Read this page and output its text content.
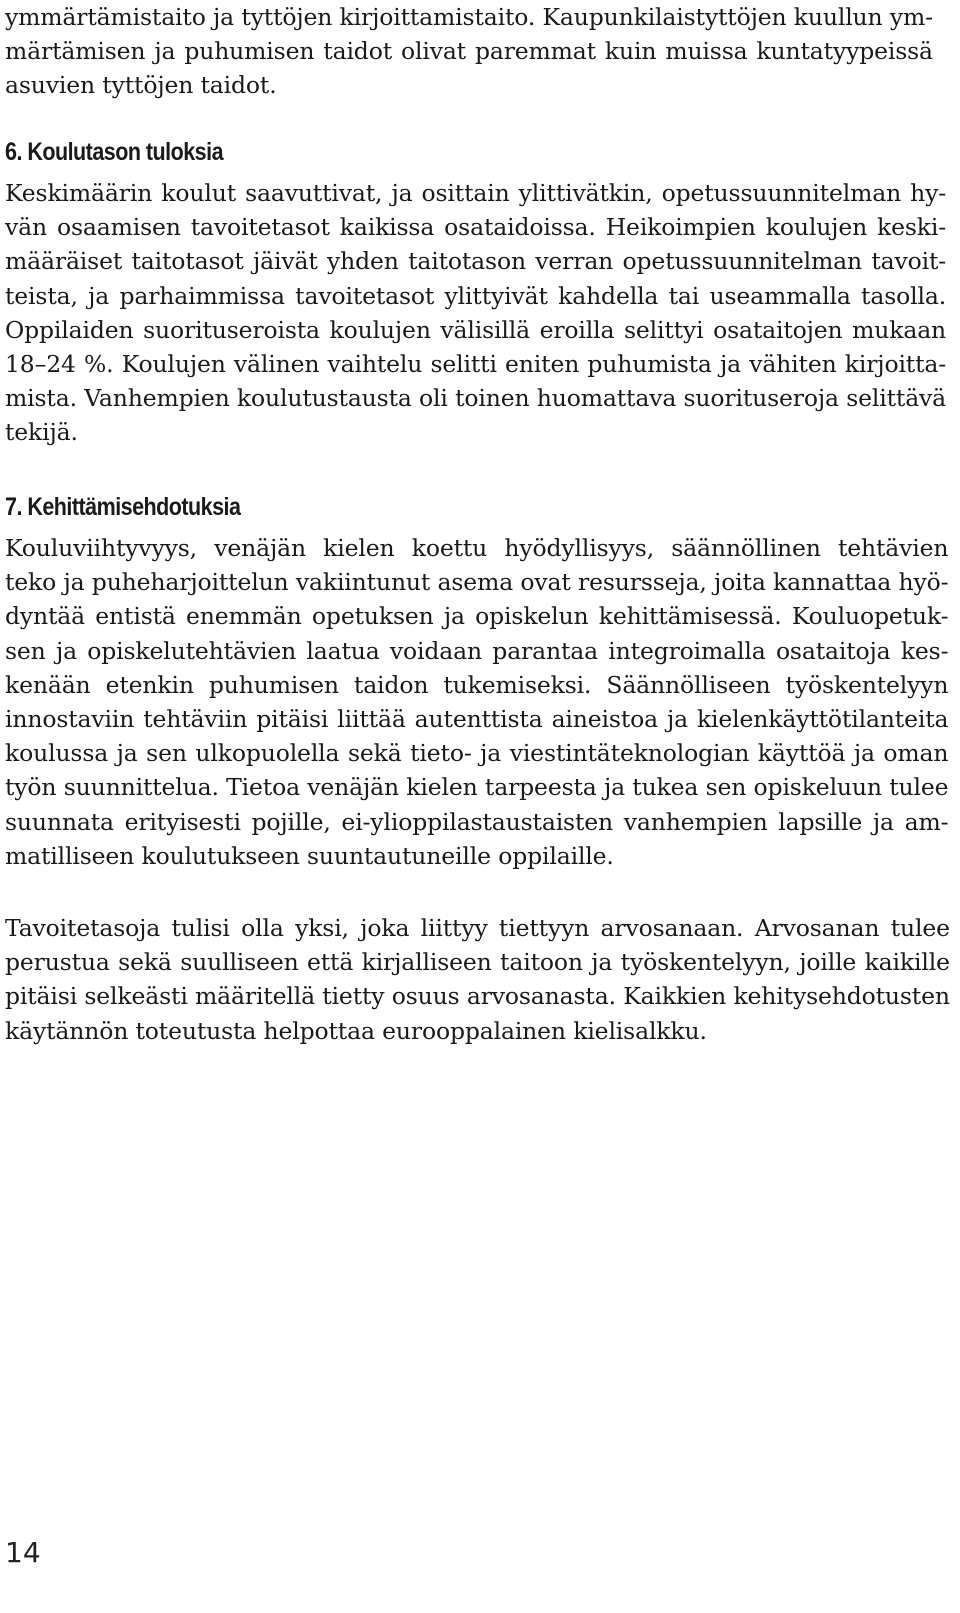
ymmärtämistaito ja tyttöjen kirjoittamistaito. Kaupunkilaistyttöjen kuullun ym-
märtämisen ja puhumisen taidot olivat paremmat kuin muissa kuntatyypeissä
asuvien tyttöjen taidot.

6. Koulutason tuloksia

Keskimäärin koulut saavuttivat, ja osittain ylittivätkin, opetussuunnitelman hy-
vän osaamisen tavoitetasot kaikissa osataidoissa. Heikoimpien koulujen keski-
määräiset taitotasot jäivät yhden taitotason verran opetussuunnitelman tavoit-
teista, ja parhaimmissa tavoitetasot ylittyivät kahdella tai useammalla tasolla.
Oppilaiden suorituseroista koulujen välisillä eroilla selittyi osataitojen mukaan
18–24 %. Koulujen välinen vaihtelu selitti eniten puhumista ja vähiten kirjoitta-
mista. Vanhempien koulutustausta oli toinen huomattava suorituseroja selittävä
tekijä.

7. Kehittämisehdotuksia

Kouluviihtyvyys, venäjän kielen koettu hyödyllisyys, säännöllinen tehtävien
teko ja puheharjoittelun vakiintunut asema ovat resursseja, joita kannattaa hyö-
dyntää entistä enemmän opetuksen ja opiskelun kehittämisessä. Kouluopetuk-
sen ja opiskelutehtävien laatua voidaan parantaa integroimalla osataitoja kes-
kenään etenkin puhumisen taidon tukemiseksi. Säännölliseen työskentelyyn
innostaviin tehtäviin pitäisi liittää autenttista aineistoa ja kielenkäyttötilanteita
koulussa ja sen ulkopuolella sekä tieto- ja viestintäteknologian käyttöä ja oman
työn suunnittelua. Tietoa venäjän kielen tarpeesta ja tukea sen opiskeluun tulee
suunnata erityisesti pojille, ei-ylioppilastaustaisten vanhempien lapsille ja am-
matilliseen koulutukseen suuntautuneille oppilaille.

Tavoitetasoja tulisi olla yksi, joka liittyy tiettyyn arvosanaan. Arvosanan tulee
perustua sekä suulliseen että kirjalliseen taitoon ja työskentelyyn, joille kaikille
pitäisi selkeästi määritellä tietty osuus arvosanasta. Kaikkien kehitysehdotusten
käytännön toteutusta helpottaa eurooppalainen kielisalkku.

14
